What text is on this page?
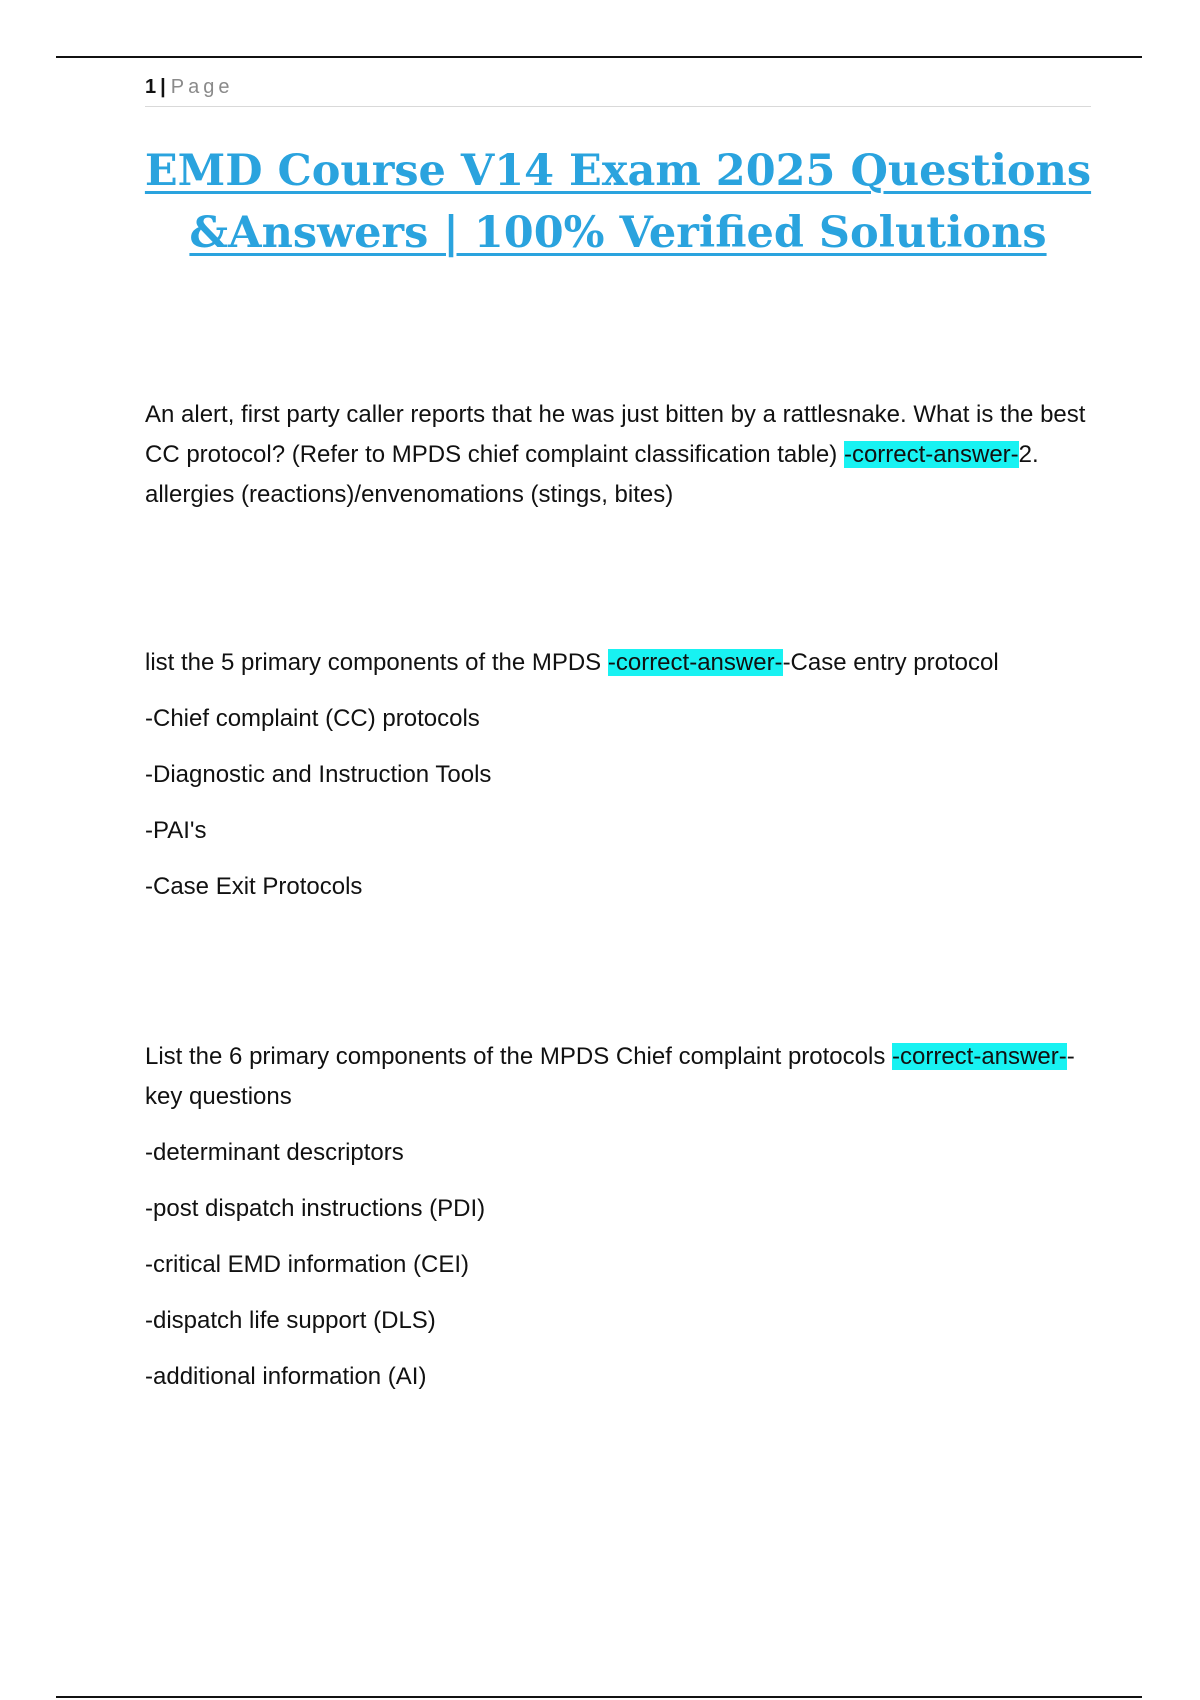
1 | Page
EMD Course V14 Exam 2025 Questions
&Answers | 100% Verified Solutions

An alert, first party caller reports that he was just bitten by a rattlesnake. What is the best CC protocol? (Refer to MPDS chief complaint classification table) -correct-answer-2. allergies (reactions)/envenomations (stings, bites)

list the 5 primary components of the MPDS -correct-answer--Case entry protocol

-Chief complaint (CC) protocols

-Diagnostic and Instruction Tools

-PAI's

-Case Exit Protocols

List the 6 primary components of the MPDS Chief complaint protocols -correct-answer--key questions

-determinant descriptors

-post dispatch instructions (PDI)

-critical EMD information (CEI)

-dispatch life support (DLS)

-additional information (AI)
